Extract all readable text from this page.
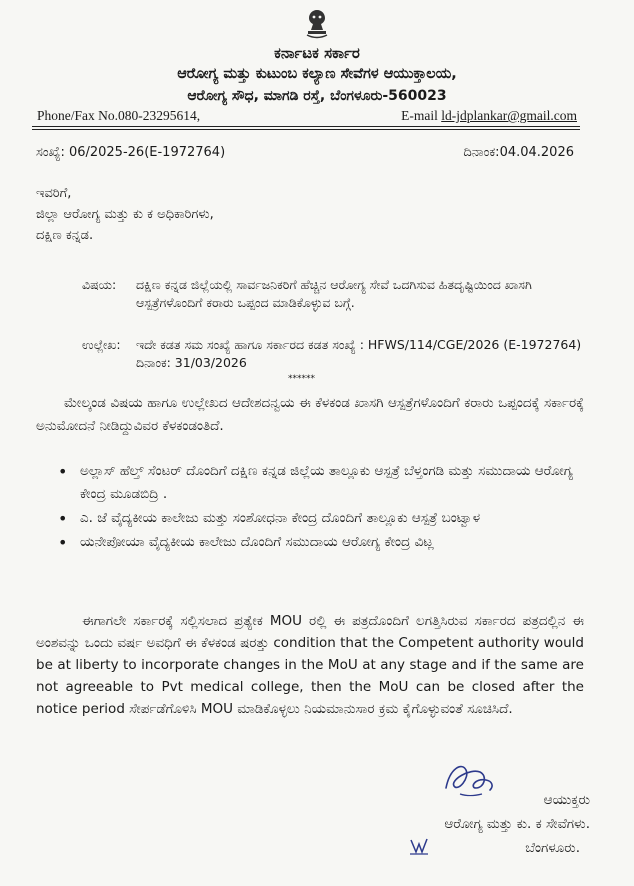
ಕರ್ನಾಟಕ ಸರ್ಕಾರ
ಆರೋಗ್ಯ ಮತ್ತು ಕುಟುಂಬ ಕಲ್ಯಾಣ ಸೇವೆಗಳ ಆಯುಕ್ತಾಲಯ,
ಆರೋಗ್ಯ ಸೌಧ, ಮಾಗಡಿ ರಸ್ತೆ, ಬೆಂಗಳೂರು-560023
Phone/Fax No.080-23295614,	E-mail ld-jdplankar@gmail.com
ಸಂಖ್ಯೆ: 06/2025-26(E-1972764)	ದಿನಾಂಕ:04.04.2026
ಇವರಿಗೆ,
ಜಿಲ್ಲಾ ಆರೋಗ್ಯ ಮತ್ತು ಕು ಕ ಅಧಿಕಾರಿಗಳು,
ದಕ್ಷಿಣ ಕನ್ನಡ.
ವಿಷಯ: ದಕ್ಷಿಣ ಕನ್ನಡ ಜಿಲ್ಲೆಯಲ್ಲಿ ಸಾರ್ವಜನಿಕರಿಗೆ ಹೆಚ್ಚಿನ ಆರೋಗ್ಯ ಸೇವೆ ಒದಗಿಸುವ ಹಿತದೃಷ್ಟಿಯಿಂದ ಖಾಸಗಿ ಆಸ್ಪತ್ರೆಗಳೊಂದಿಗೆ ಕರಾರು ಒಪ್ಪಂದ ಮಾಡಿಕೊಳ್ಳುವ ಬಗ್ಗೆ.
ಉಲ್ಲೇಖ: ಇದೇ ಕಡತ ಸಮ ಸಂಖ್ಯೆ ಹಾಗೂ ಸರ್ಕಾರದ ಕಡತ ಸಂಖ್ಯೆ : HFWS/114/CGE/2026 (E-1972764) ದಿನಾಂಕ: 31/03/2026
******
ಮೇಲ್ಕಂಡ ವಿಷಯ ಹಾಗೂ ಉಲ್ಲೇಖದ ಆದೇಶದನ್ವಯ ಈ ಕೆಳಕಂಡ ಖಾಸಗಿ ಆಸ್ಪತ್ರೆಗಳೊಂದಿಗೆ ಕರಾರು ಒಪ್ಪಂದಕ್ಕೆ ಸರ್ಕಾರಕ್ಕೆ ಅನುಮೋದನೆ ನೀಡಿದ್ದುವಿವರ ಕೆಳಕಂಡಂತಿದೆ.
• ಅಲ್ಲಾಸ್ ಹೆಲ್ತ್ ಸೆಂಟರ್ ದೊಂದಿಗೆ ದಕ್ಷಿಣ ಕನ್ನಡ ಜಿಲ್ಲೆಯ ತಾಲ್ಲೂಕು ಆಸ್ಪತ್ರೆ ಬೆಳ್ತಂಗಡಿ ಮತ್ತು ಸಮುದಾಯ ಆರೋಗ್ಯ ಕೇಂದ್ರ ಮೂಡಬಿದ್ರಿ .
• ಎ. ಜೆ ವೈದ್ಯಕೀಯ ಕಾಲೇಜು ಮತ್ತು ಸಂಶೋಧನಾ ಕೇಂದ್ರ ದೊಂದಿಗೆ ತಾಲ್ಲೂಕು ಆಸ್ಪತ್ರೆ ಬಂಟ್ವಾಳ
• ಯನೇಪೋಯಾ ವೈದ್ಯಕೀಯ ಕಾಲೇಜು ದೊಂದಿಗೆ ಸಮುದಾಯ ಆರೋಗ್ಯ ಕೇಂದ್ರ ವಿಟ್ಲ
ಈಗಾಗಲೇ ಸರ್ಕಾರಕ್ಕೆ ಸಲ್ಲಿಸಲಾದ ಪ್ರತ್ಯೇಕ MOU ರಲ್ಲಿ ಈ ಪತ್ರದೊಂದಿಗೆ ಲಗತ್ತಿಸಿರುವ ಸರ್ಕಾರದ ಪತ್ರದಲ್ಲಿನ ಈ ಅಂಶವನ್ನು ಒಂದು ವರ್ಷ ಅವಧಿಗೆ ಈ ಕೆಳಕಂಡ ಷರತ್ತು condition that the Competent authority would be at liberty to incorporate changes in the MoU at any stage and if the same are not agreeable to Pvt medical college, then the MoU can be closed after the notice period ಸೇರ್ಪಡೆಗೊಳಿಸಿ MOU ಮಾಡಿಕೊಳ್ಳಲು ನಿಯಮಾನುಸಾರ ಕ್ರಮ ಕೈಗೊಳ್ಳುವಂತೆ ಸೂಚಿಸಿದೆ.
ಆಯುಕ್ತರು
ಆರೋಗ್ಯ ಮತ್ತು ಕು. ಕ ಸೇವೆಗಳು.
ಬೆಂಗಳೂರು.
